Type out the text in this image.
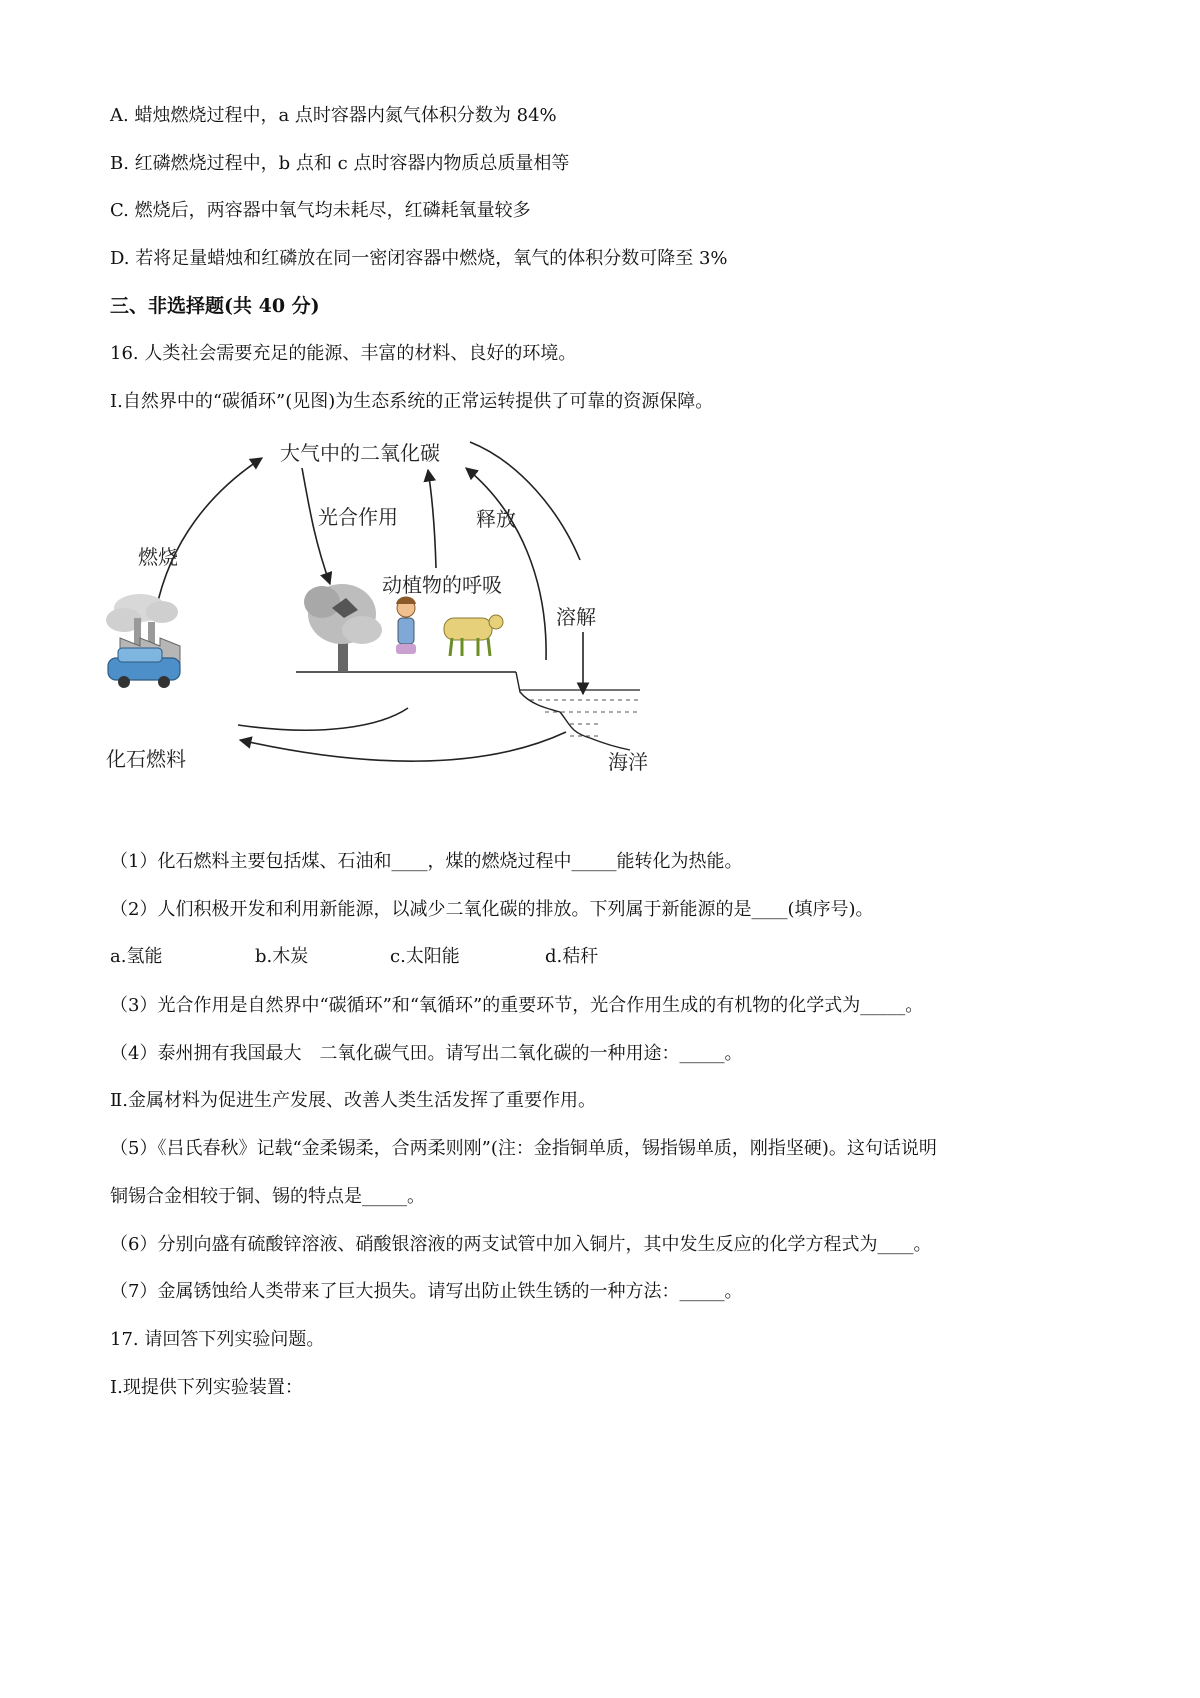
A. 蜡烛燃烧过程中，a 点时容器内氮气体积分数为 84%
B. 红磷燃烧过程中，b 点和 c 点时容器内物质总质量相等
C. 燃烧后，两容器中氧气均未耗尽，红磷耗氧量较多
D. 若将足量蜡烛和红磷放在同一密闭容器中燃烧，氧气的体积分数可降至 3%
三、非选择题(共 40 分)
16. 人类社会需要充足的能源、丰富的材料、良好的环境。
Ⅰ.自然界中的“碳循环”(见图)为生态系统的正常运转提供了可靠的资源保障。
大气中的二氧化碳
燃烧
光合作用
动植物的呼吸
释放
溶解
化石燃料	海洋
（1）化石燃料主要包括煤、石油和____，煤的燃烧过程中_____能转化为热能。
（2）人们积极开发和利用新能源，以减少二氧化碳的排放。下列属于新能源的是____(填序号)。
a.氢能	b.木炭	c.太阳能	d.秸秆
（3）光合作用是自然界中“碳循环”和“氧循环”的重要环节，光合作用生成的有机物的化学式为_____。
（4）泰州拥有我国最大　二氧化碳气田。请写出二氧化碳的一种用途：_____。
Ⅱ.金属材料为促进生产发展、改善人类生活发挥了重要作用。
（5）《吕氏春秋》记载“金柔锡柔，合两柔则刚”(注：金指铜单质，锡指锡单质，刚指坚硬)。这句话说明
铜锡合金相较于铜、锡的特点是_____。
（6）分别向盛有硫酸锌溶液、硝酸银溶液的两支试管中加入铜片，其中发生反应的化学方程式为____。
（7）金属锈蚀给人类带来了巨大损失。请写出防止铁生锈的一种方法：_____。
17. 请回答下列实验问题。
I.现提供下列实验装置：
